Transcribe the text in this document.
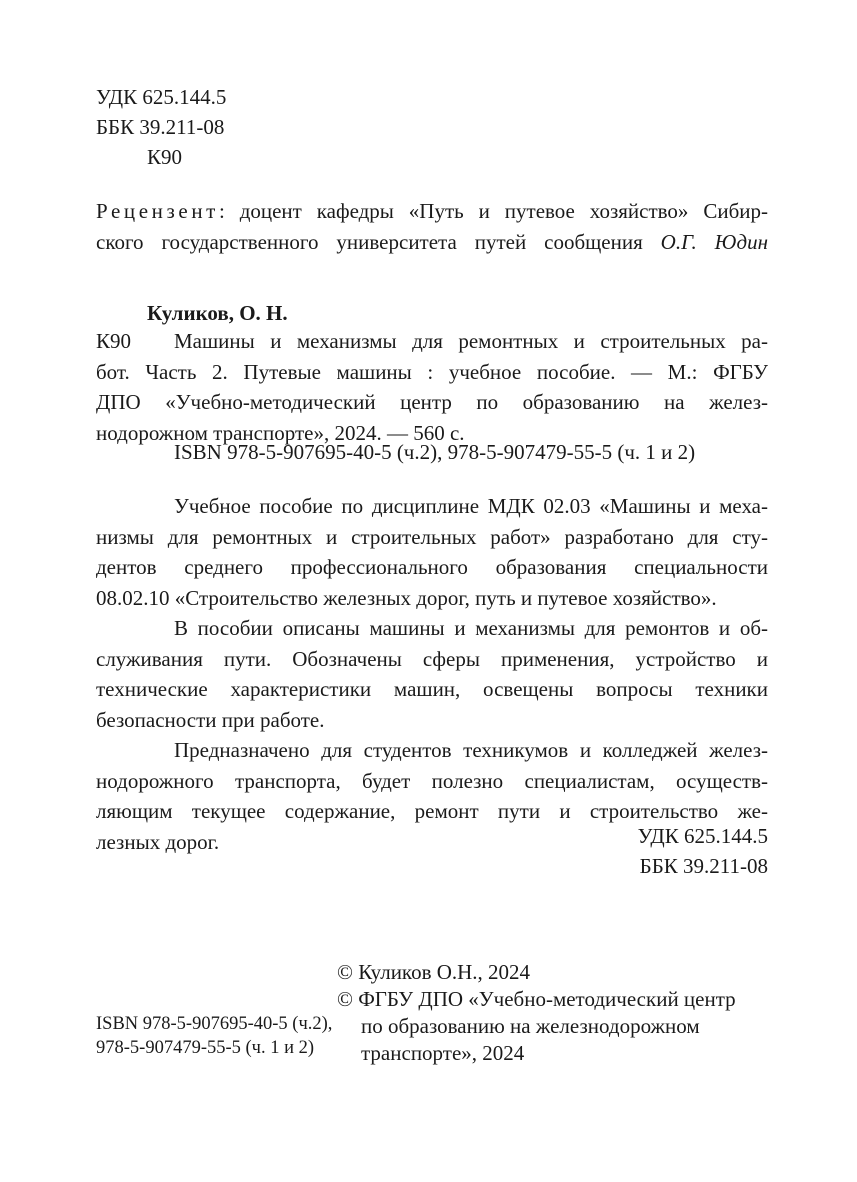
УДК 625.144.5
ББК 39.211-08
К90
Рецензент: доцент кафедры «Путь и путевое хозяйство» Сибир-
ского государственного университета путей сообщения О.Г. Юдин
Куликов, О. Н.
К90	Машины и механизмы для ремонтных и строительных ра-
бот. Часть 2. Путевые машины : учебное пособие. — М.: ФГБУ
ДПО «Учебно-методический центр по образованию на желез-
нодорожном транспорте», 2024. — 560 с.
ISBN 978-5-907695-40-5 (ч.2), 978-5-907479-55-5 (ч. 1 и 2)
Учебное пособие по дисциплине МДК 02.03 «Машины и меха-
низмы для ремонтных и строительных работ» разработано для сту-
дентов среднего профессионального образования специальности
08.02.10 «Строительство железных дорог, путь и путевое хозяйство».
В пособии описаны машины и механизмы для ремонтов и об-
служивания пути. Обозначены сферы применения, устройство и
технические характеристики машин, освещены вопросы техники
безопасности при работе.
Предназначено для студентов техникумов и колледжей желез-
нодорожного транспорта, будет полезно специалистам, осуществ-
ляющим текущее содержание, ремонт пути и строительство же-
лезных дорог.	УДК 625.144.5
ББК 39.211-08
© Куликов О.Н., 2024
© ФГБУ ДПО «Учебно-методический центр
по образованию на железнодорожном
транспорте», 2024
ISBN 978-5-907695-40-5 (ч.2),
978-5-907479-55-5 (ч. 1 и 2)
